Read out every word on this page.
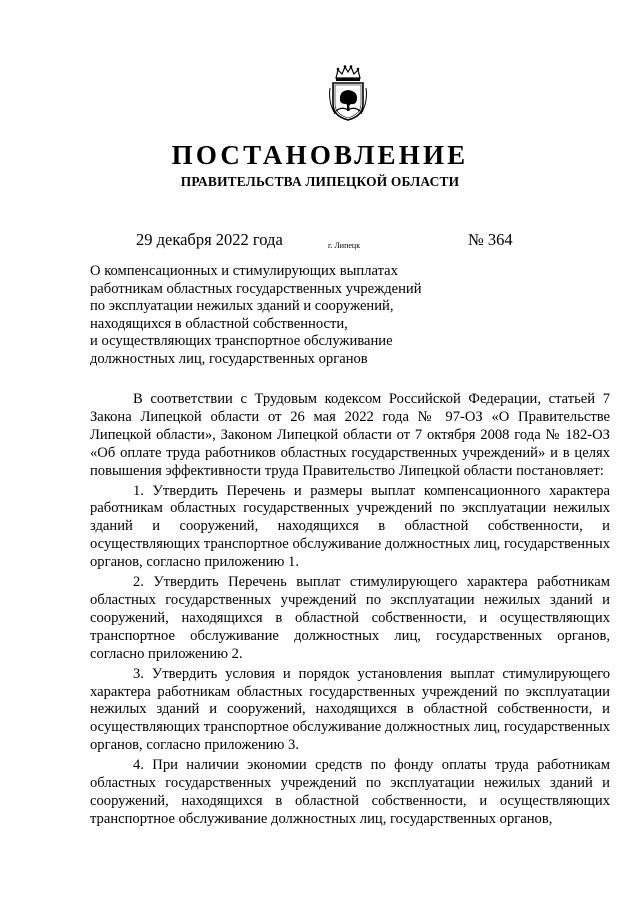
ПОСТАНОВЛЕНИЕ
ПРАВИТЕЛЬСТВА ЛИПЕЦКОЙ ОБЛАСТИ
29 декабря 2022 года	г. Липецк	№ 364
О компенсационных и стимулирующих выплатах
работникам областных государственных учреждений
по эксплуатации нежилых зданий и сооружений,
находящихся в областной собственности,
и осуществляющих транспортное обслуживание
должностных лиц, государственных органов

В соответствии с Трудовым кодексом Российской Федерации, статьей 7 Закона Липецкой области от 26 мая 2022 года № 97-ОЗ «О Правительстве Липецкой области», Законом Липецкой области от 7 октября 2008 года № 182-ОЗ «Об оплате труда работников областных государственных учреждений» и в целях повышения эффективности труда Правительство Липецкой области постановляет:

1. Утвердить Перечень и размеры выплат компенсационного характера работникам областных государственных учреждений по эксплуатации нежилых зданий и сооружений, находящихся в областной собственности, и осуществляющих транспортное обслуживание должностных лиц, государственных органов, согласно приложению 1.

2. Утвердить Перечень выплат стимулирующего характера работникам областных государственных учреждений по эксплуатации нежилых зданий и сооружений, находящихся в областной собственности, и осуществляющих транспортное обслуживание должностных лиц, государственных органов, согласно приложению 2.

3. Утвердить условия и порядок установления выплат стимулирующего характера работникам областных государственных учреждений по эксплуатации нежилых зданий и сооружений, находящихся в областной собственности, и осуществляющих транспортное обслуживание должностных лиц, государственных органов, согласно приложению 3.

4. При наличии экономии средств по фонду оплаты труда работникам областных государственных учреждений по эксплуатации нежилых зданий и сооружений, находящихся в областной собственности, и осуществляющих транспортное обслуживание должностных лиц, государственных органов,
